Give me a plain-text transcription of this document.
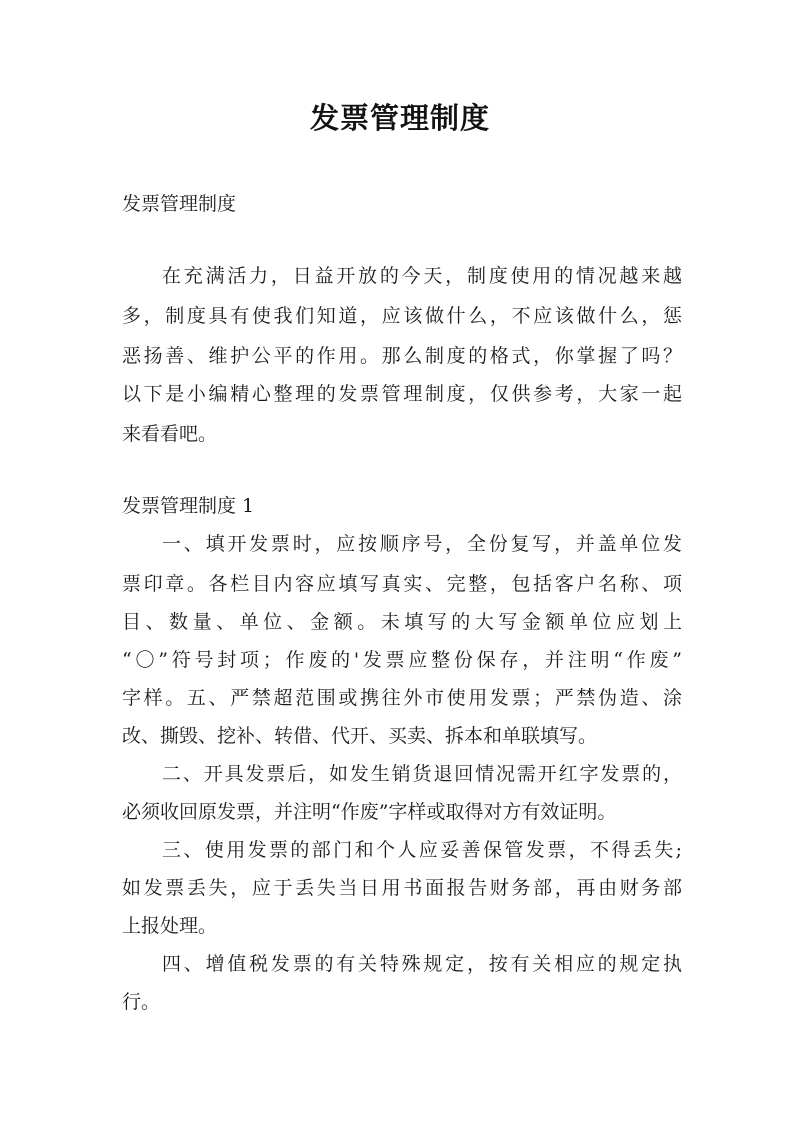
发票管理制度
发票管理制度
在充满活力，日益开放的今天，制度使用的情况越来越
多，制度具有使我们知道，应该做什么，不应该做什么，惩
恶扬善、维护公平的作用。那么制度的格式，你掌握了吗？
以下是小编精心整理的发票管理制度，仅供参考，大家一起
来看看吧。
发票管理制度 1
一、填开发票时，应按顺序号，全份复写，并盖单位发
票印章。各栏目内容应填写真实、完整，包括客户名称、项
目、数量、单位、金额。未填写的大写金额单位应划上
“〇”符号封项；作废的'发票应整份保存，并注明“作废”
字样。五、严禁超范围或携往外市使用发票；严禁伪造、涂
改、撕毁、挖补、转借、代开、买卖、拆本和单联填写。
二、开具发票后，如发生销货退回情况需开红字发票的，
必须收回原发票，并注明“作废”字样或取得对方有效证明。
三、使用发票的部门和个人应妥善保管发票，不得丢失;
如发票丢失，应于丢失当日用书面报告财务部，再由财务部
上报处理。
四、增值税发票的有关特殊规定，按有关相应的规定执
行。
